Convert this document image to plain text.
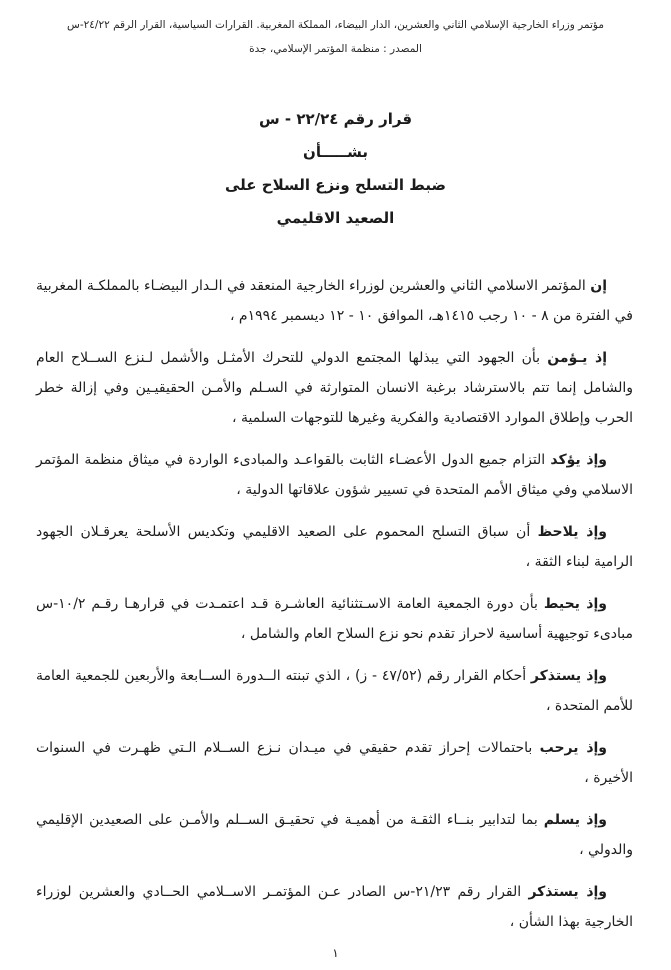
مؤتمر وزراء الخارجية الإسلامي الثاني والعشرين، الدار البيضاء، المملكة المغربية. القرارات السياسية، القرار الرقم ٢٤/٢٢-س
المصدر : منظمة المؤتمر الإسلامي، جدة
قرار رقم ٢٢/٢٤ - س
بشـــــأن
ضبط التسلح ونزع السلاح على
الصعيد الاقليمي

إن المؤتمر الاسلامي الثاني والعشرين لوزراء الخارجية المنعقد في الـدار البيضـاء بالمملكـة المغربية في الفترة من ٨ - ١٠ رجب ١٤١٥هـ، الموافق ١٠ - ١٢ ديسمبر ١٩٩٤م ،

إذ يـؤمن بأن الجهود التي يبذلها المجتمع الدولي للتحرك الأمثـل والأشمل لـنزع الســلاح العام والشامل إنما تتم بالاسترشاد برغبة الانسان المتوارثة في السـلم والأمـن الحقيقيـين وفي إزالة خطر الحرب وإطلاق الموارد الاقتصادية والفكرية وغيرها للتوجهات السلمية ،

وإذ يؤكد التزام جميع الدول الأعضـاء الثابت بالقواعـد والمبادىء الواردة في ميثاق منظمة المؤتمر الاسلامي وفي ميثاق الأمم المتحدة في تسيير شؤون علاقاتها الدولية ،

وإذ يلاحظ أن سباق التسلح المحموم على الصعيد الاقليمي وتكديس الأسلحة يعرقـلان الجهود الرامية لبناء الثقة ،

وإذ يحيط بأن دورة الجمعية العامة الاسـتثنائية العاشـرة قـد اعتمـدت في قرارهـا رقـم ١٠/٢-س مبادىء توجيهية أساسية لاحراز تقدم نحو نزع السلاح العام والشامل ،

وإذ يستذكر أحكام القرار رقم (٤٧/٥٢ - ز) ، الذي تبنته الــدورة الســابعة والأربعين للجمعية العامة للأمم المتحدة ،

وإذ يرحب باحتمالات إحراز تقدم حقيقي في ميـدان نـزع الســلام الـتي ظهـرت في السنوات الأخيرة ،

وإذ يسلم بما لتدابير بنــاء الثقـة من أهميـة في تحقيـق الســلم والأمـن على الصعيدين الإقليمي والدولي ،

وإذ يستذكر القرار رقم ٢١/٢٣-س الصادر عـن المؤتمـر الاســلامي الحــادي والعشرين لوزراء الخارجية بهذا الشأن ،

١
